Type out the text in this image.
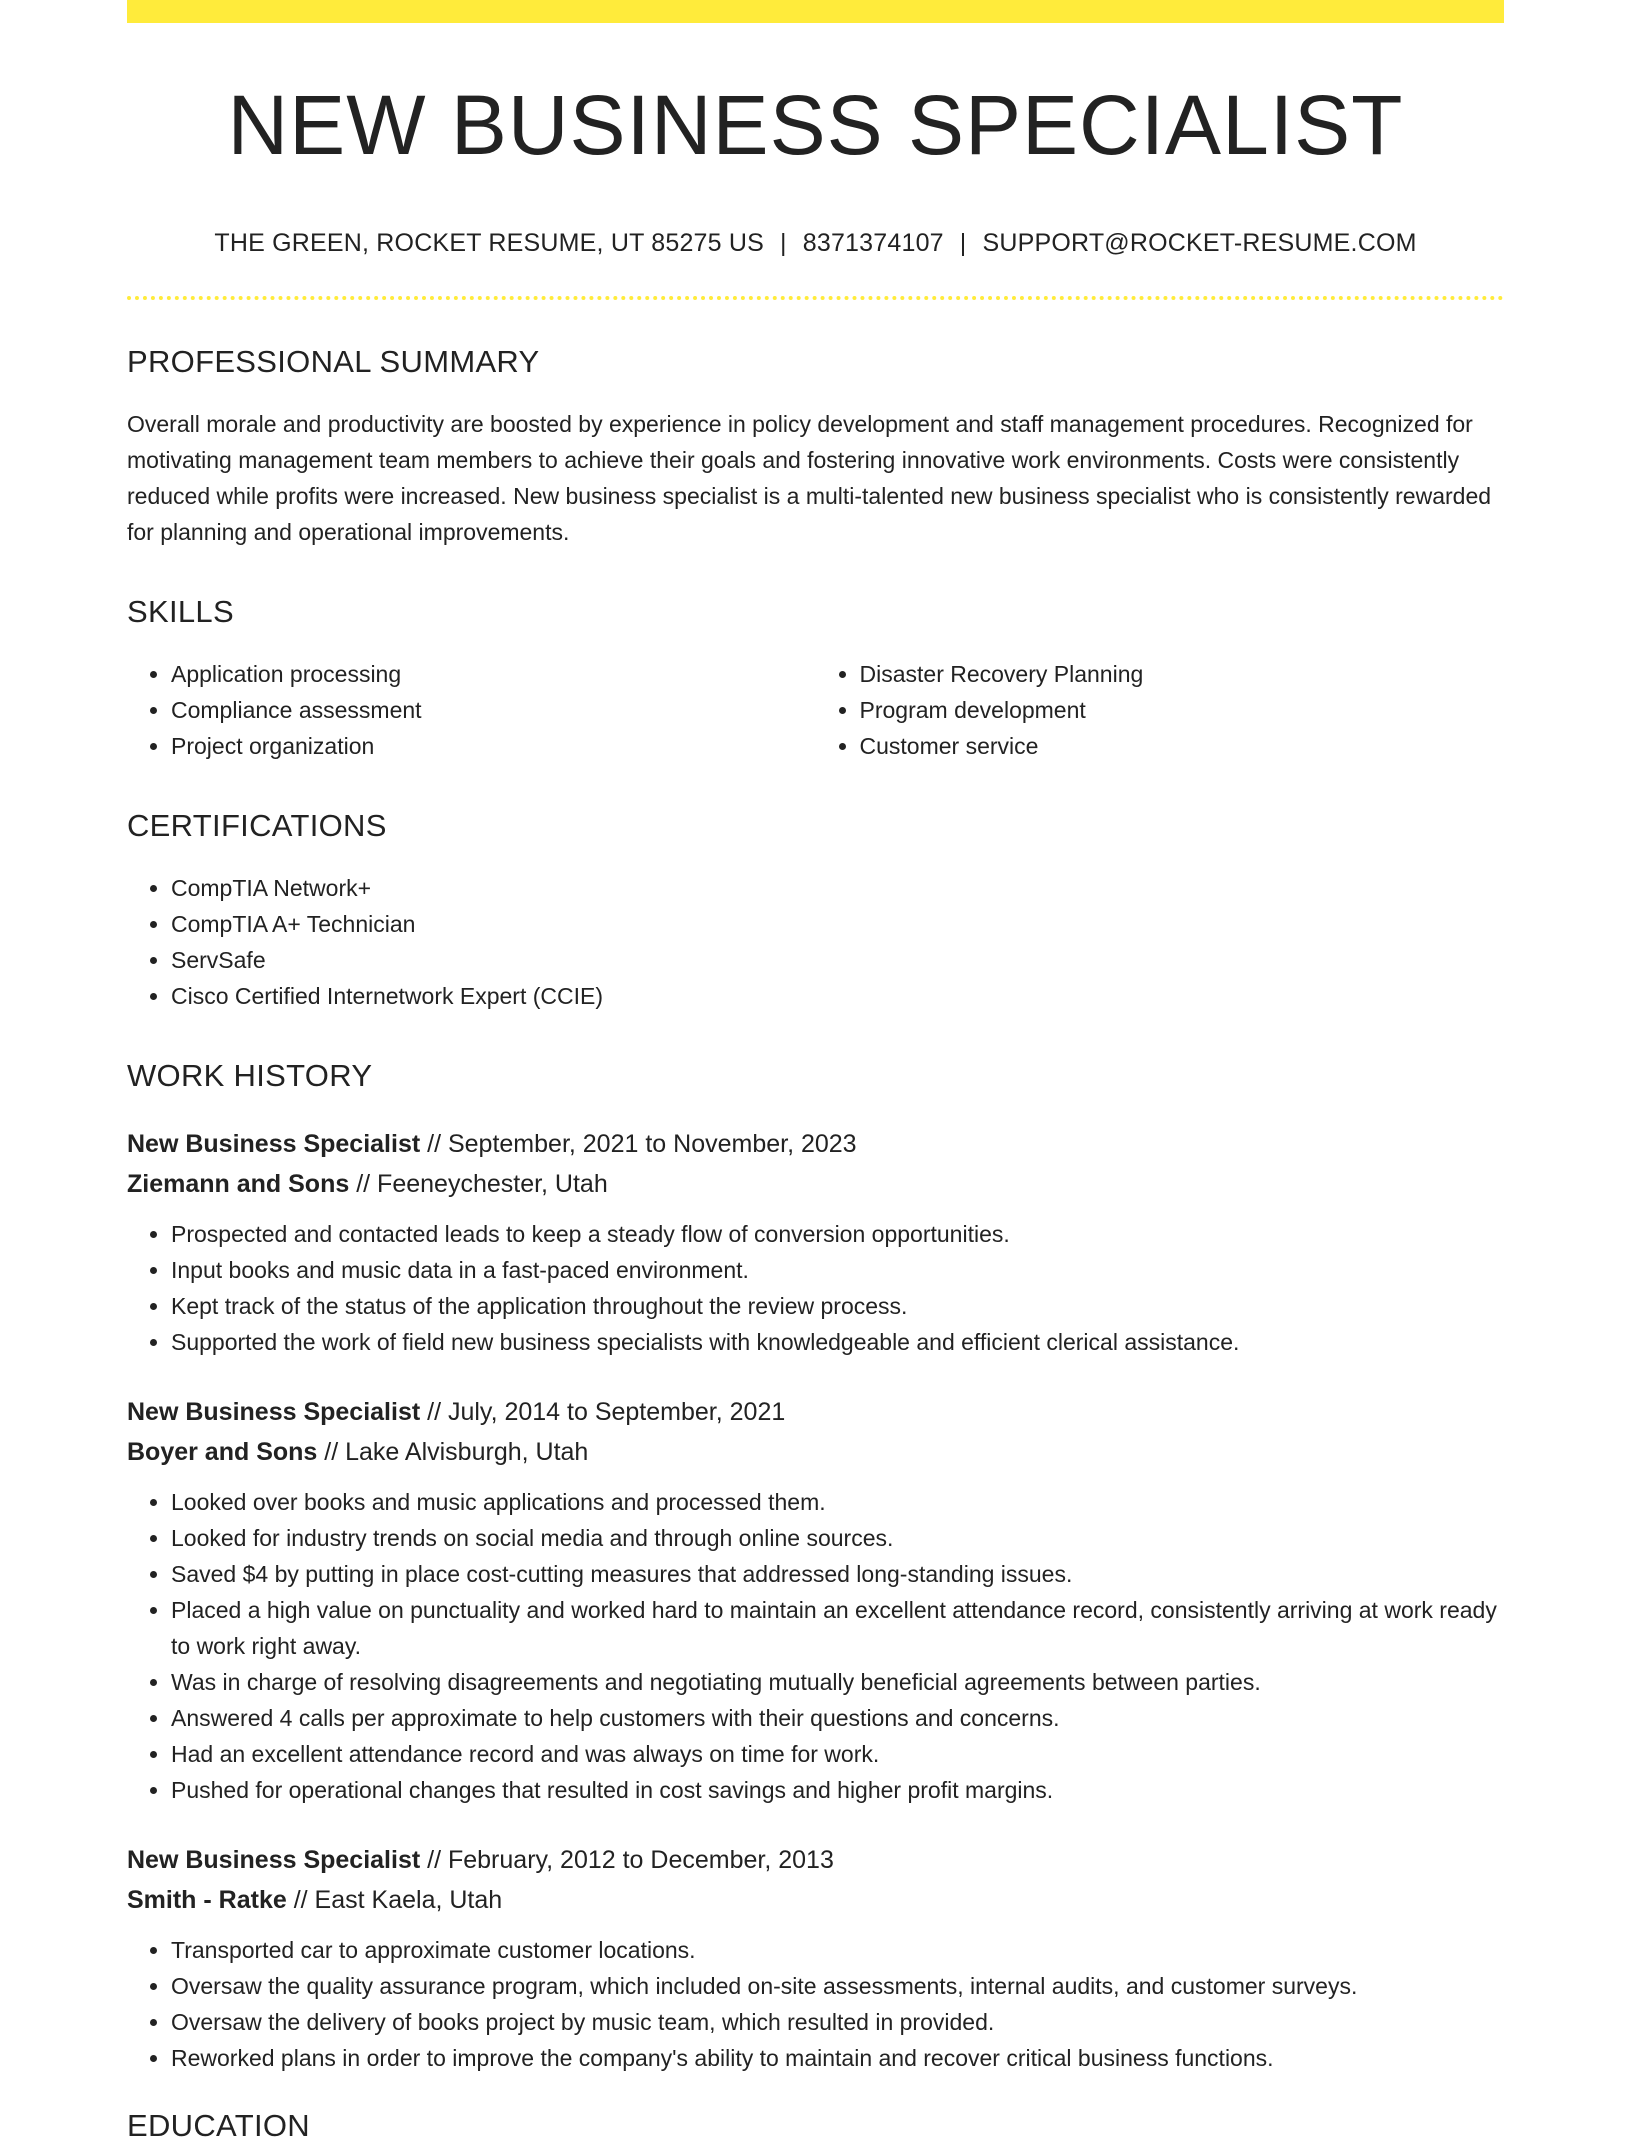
NEW BUSINESS SPECIALIST
THE GREEN, ROCKET RESUME, UT 85275 US | 8371374107 | SUPPORT@ROCKET-RESUME.COM
PROFESSIONAL SUMMARY

Overall morale and productivity are boosted by experience in policy development and staff management procedures. Recognized for motivating management team members to achieve their goals and fostering innovative work environments. Costs were consistently reduced while profits were increased. New business specialist is a multi-talented new business specialist who is consistently rewarded for planning and operational improvements.

SKILLS
• Application processing
• Compliance assessment
• Project organization
• Disaster Recovery Planning
• Program development
• Customer service
CERTIFICATIONS
• CompTIA Network+
• CompTIA A+ Technician
• ServSafe
• Cisco Certified Internetwork Expert (CCIE)
WORK HISTORY
New Business Specialist // September, 2021 to November, 2023
Ziemann and Sons // Feeneychester, Utah
• Prospected and contacted leads to keep a steady flow of conversion opportunities.
• Input books and music data in a fast-paced environment.
• Kept track of the status of the application throughout the review process.
• Supported the work of field new business specialists with knowledgeable and efficient clerical assistance.
New Business Specialist // July, 2014 to September, 2021
Boyer and Sons // Lake Alvisburgh, Utah
• Looked over books and music applications and processed them.
• Looked for industry trends on social media and through online sources.
• Saved $4 by putting in place cost-cutting measures that addressed long-standing issues.
• Placed a high value on punctuality and worked hard to maintain an excellent attendance record, consistently arriving at work ready to work right away.
• Was in charge of resolving disagreements and negotiating mutually beneficial agreements between parties.
• Answered 4 calls per approximate to help customers with their questions and concerns.
• Had an excellent attendance record and was always on time for work.
• Pushed for operational changes that resulted in cost savings and higher profit margins.
New Business Specialist // February, 2012 to December, 2013
Smith - Ratke // East Kaela, Utah
• Transported car to approximate customer locations.
• Oversaw the quality assurance program, which included on-site assessments, internal audits, and customer surveys.
• Oversaw the delivery of books project by music team, which resulted in provided.
• Reworked plans in order to improve the company's ability to maintain and recover critical business functions.
EDUCATION
